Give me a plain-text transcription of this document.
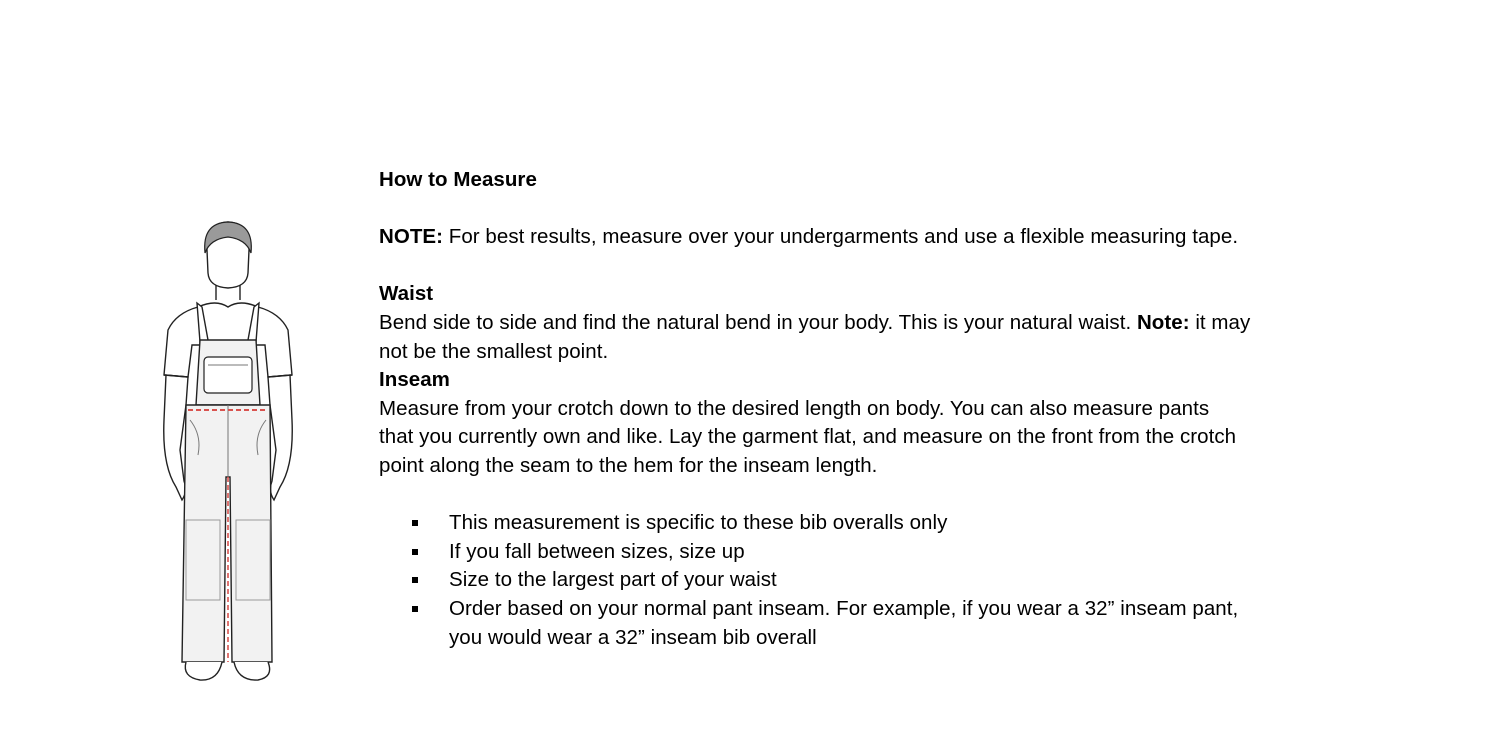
How to Measure

NOTE: For best results, measure over your undergarments and use a flexible measuring tape.

Waist

Bend side to side and find the natural bend in your body. This is your natural waist. Note: it may

not be the smallest point.

Inseam

Measure from your crotch down to the desired length on body. You can also measure pants

that you currently own and like. Lay the garment flat, and measure on the front from the crotch

point along the seam to the hem for the inseam length.

This measurement is specific to these bib overalls only
If you fall between sizes, size up
Size to the largest part of your waist
Order based on your normal pant inseam. For example, if you wear a 32” inseam pant,
you would wear a 32” inseam bib overall
